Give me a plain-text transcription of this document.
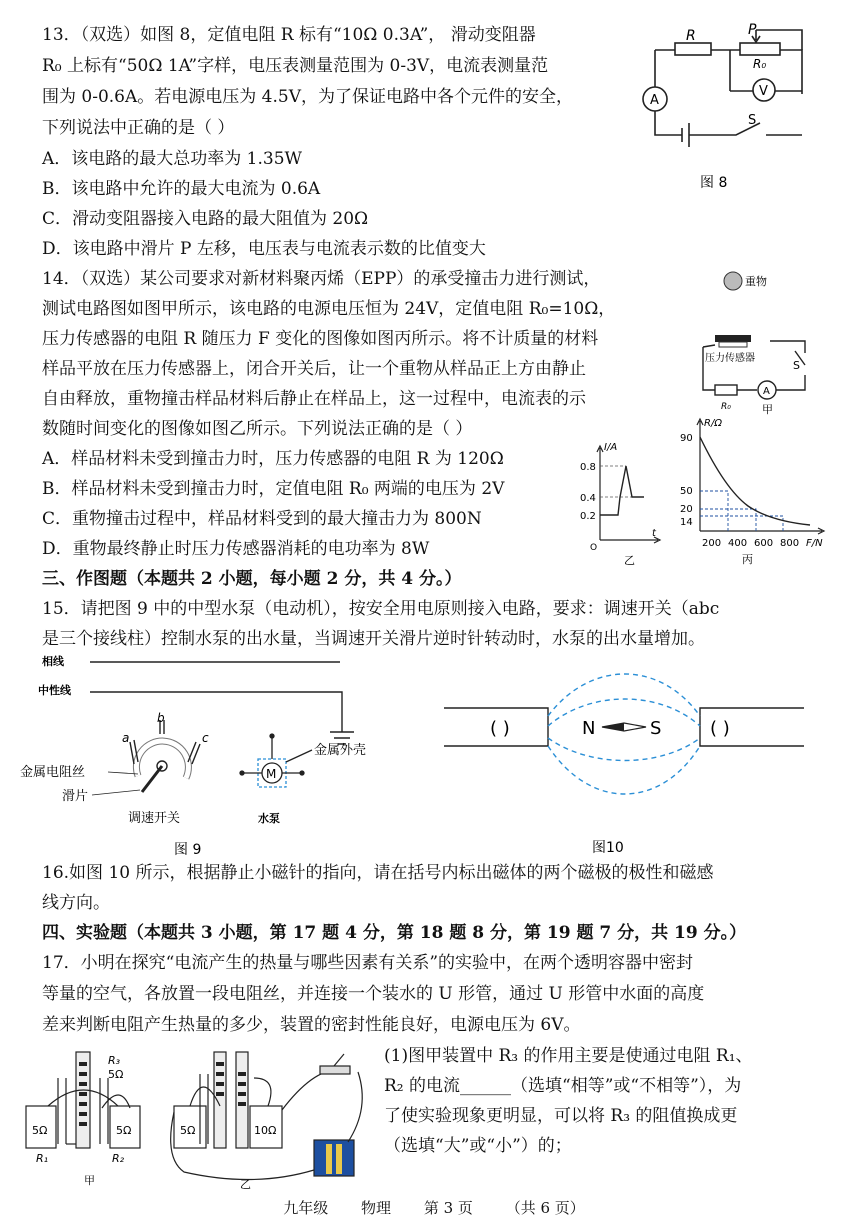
13．（双选）如图 8，定值电阻 R 标有“10Ω 0.3A”， 滑动变阻器
R₀ 上标有“50Ω 1A”字样，电压表测量范围为 0-3V，电流表测量范
围为 0-0.6A。若电源电压为 4.5V，为了保证电路中各个元件的安全，
下列说法中正确的是（ ）
A．该电路的最大总功率为 1.35W
B．该电路中允许的最大电流为 0.6A
C．滑动变阻器接入电路的最大阻值为 20Ω
D．该电路中滑片 P 左移，电压表与电流表示数的比值变大
R	P
R₀
A
V
S
图 8
14．（双选）某公司要求对新材料聚丙烯（EPP）的承受撞击力进行测试，
测试电路图如图甲所示，该电路的电源电压恒为 24V，定值电阻 R₀=10Ω，
压力传感器的电阻 R 随压力 F 变化的图像如图丙所示。将不计质量的材料
样品平放在压力传感器上，闭合开关后，让一个重物从样品正上方由静止
自由释放，重物撞击样品材料后静止在样品上，这一过程中，电流表的示
数随时间变化的图像如图乙所示。下列说法正确的是（ ）
A．样品材料未受到撞击力时，压力传感器的电阻 R 为 120Ω
B．样品材料未受到撞击力时，定值电阻 R₀ 两端的电压为 2V
C．重物撞击过程中，样品材料受到的最大撞击力为 800N
D．重物最终静止时压力传感器消耗的电功率为 8W
重物
压力传感器
S
R₀
A
甲
I/A
0.8
0.4
0.2
t
O
乙
R/Ω
90
50
20
14
200 400 600 800 F/N
丙
三、作图题（本题共 2 小题，每小题 2 分，共 4 分。）
15．请把图 9 中的中型水泵（电动机），按安全用电原则接入电路，要求：调速开关（abc
是三个接线柱）控制水泵的出水量，当调速开关滑片逆时针转动时，水泵的出水量增加。
相线
中性线
a
b
c
金属电阻丝
滑片
调速开关
M
金属外壳
水泵
图 9
( )	( )
N	S
图10
16.如图 10 所示，根据静止小磁针的指向，请在括号内标出磁体的两个磁极的极性和磁感
线方向。
四、实验题（本题共 3 小题，第 17 题 4 分，第 18 题 8 分，第 19 题 7 分，共 19 分。）
17．小明在探究“电流产生的热量与哪些因素有关系”的实验中，在两个透明容器中密封
等量的空气，各放置一段电阻丝，并连接一个装水的 U 形管，通过 U 形管中水面的高度
差来判断电阻产生热量的多少，装置的密封性能良好，电源电压为 6V。
(1)图甲装置中 R₃ 的作用主要是使通过电阻 R₁、
R₂ 的电流______（选填“相等”或“不相等”），为
了使实验现象更明显，可以将 R₃ 的阻值换成更
（选填“大”或“小”）的；
R₃
5Ω
5Ω	5Ω
R₁	R₂
甲
5Ω	10Ω
乙
九年级 物理 第 3 页 （共 6 页）
